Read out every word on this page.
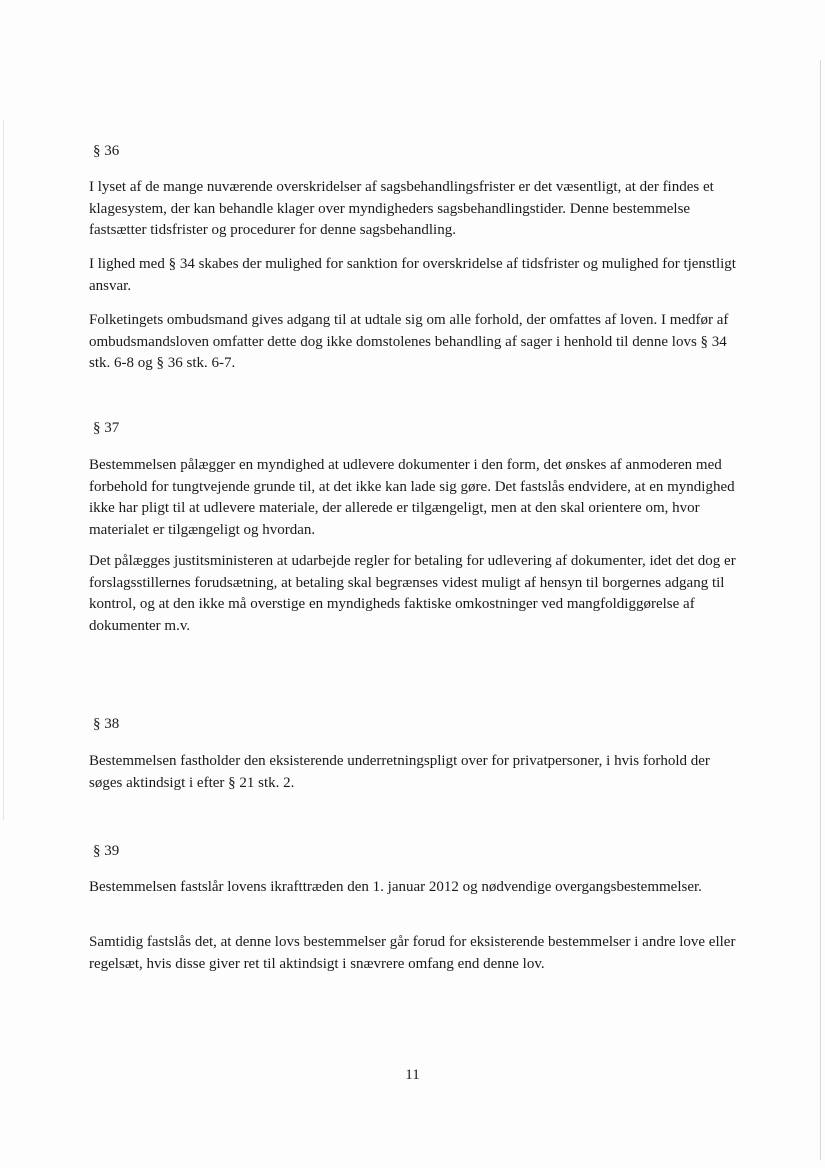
§ 36

I lyset af de mange nuværende overskridelser af sagsbehandlingsfrister er det væsentligt, at der findes et klagesystem, der kan behandle klager over myndigheders sagsbehandlingstider. Denne bestemmelse fastsætter tidsfrister og procedurer for denne sagsbehandling.

I lighed med § 34 skabes der mulighed for sanktion for overskridelse af tidsfrister og mulighed for tjenstligt ansvar.

Folketingets ombudsmand gives adgang til at udtale sig om alle forhold, der omfattes af loven. I medfør af ombudsmandsloven omfatter dette dog ikke domstolenes behandling af sager i henhold til denne lovs § 34 stk. 6-8 og § 36 stk. 6-7.

§ 37

Bestemmelsen pålægger en myndighed at udlevere dokumenter i den form, det ønskes af anmoderen med forbehold for tungtvejende grunde til, at det ikke kan lade sig gøre. Det fastslås endvidere, at en myndighed ikke har pligt til at udlevere materiale, der allerede er tilgængeligt, men at den skal orientere om, hvor materialet er tilgængeligt og hvordan.

Det pålægges justitsministeren at udarbejde regler for betaling for udlevering af dokumenter, idet det dog er forslagsstillernes forudsætning, at betaling skal begrænses videst muligt af hensyn til borgernes adgang til kontrol, og at den ikke må overstige en myndigheds faktiske omkostninger ved mangfoldiggørelse af dokumenter m.v.

§ 38

Bestemmelsen fastholder den eksisterende underretningspligt over for privatpersoner, i hvis forhold der søges aktindsigt i efter § 21 stk. 2.

§ 39

Bestemmelsen fastslår lovens ikrafttræden den 1. januar 2012 og nødvendige overgangsbestemmelser.

Samtidig fastslås det, at denne lovs bestemmelser går forud for eksisterende bestemmelser i andre love eller regelsæt, hvis disse giver ret til aktindsigt i snævrere omfang end denne lov.

11
